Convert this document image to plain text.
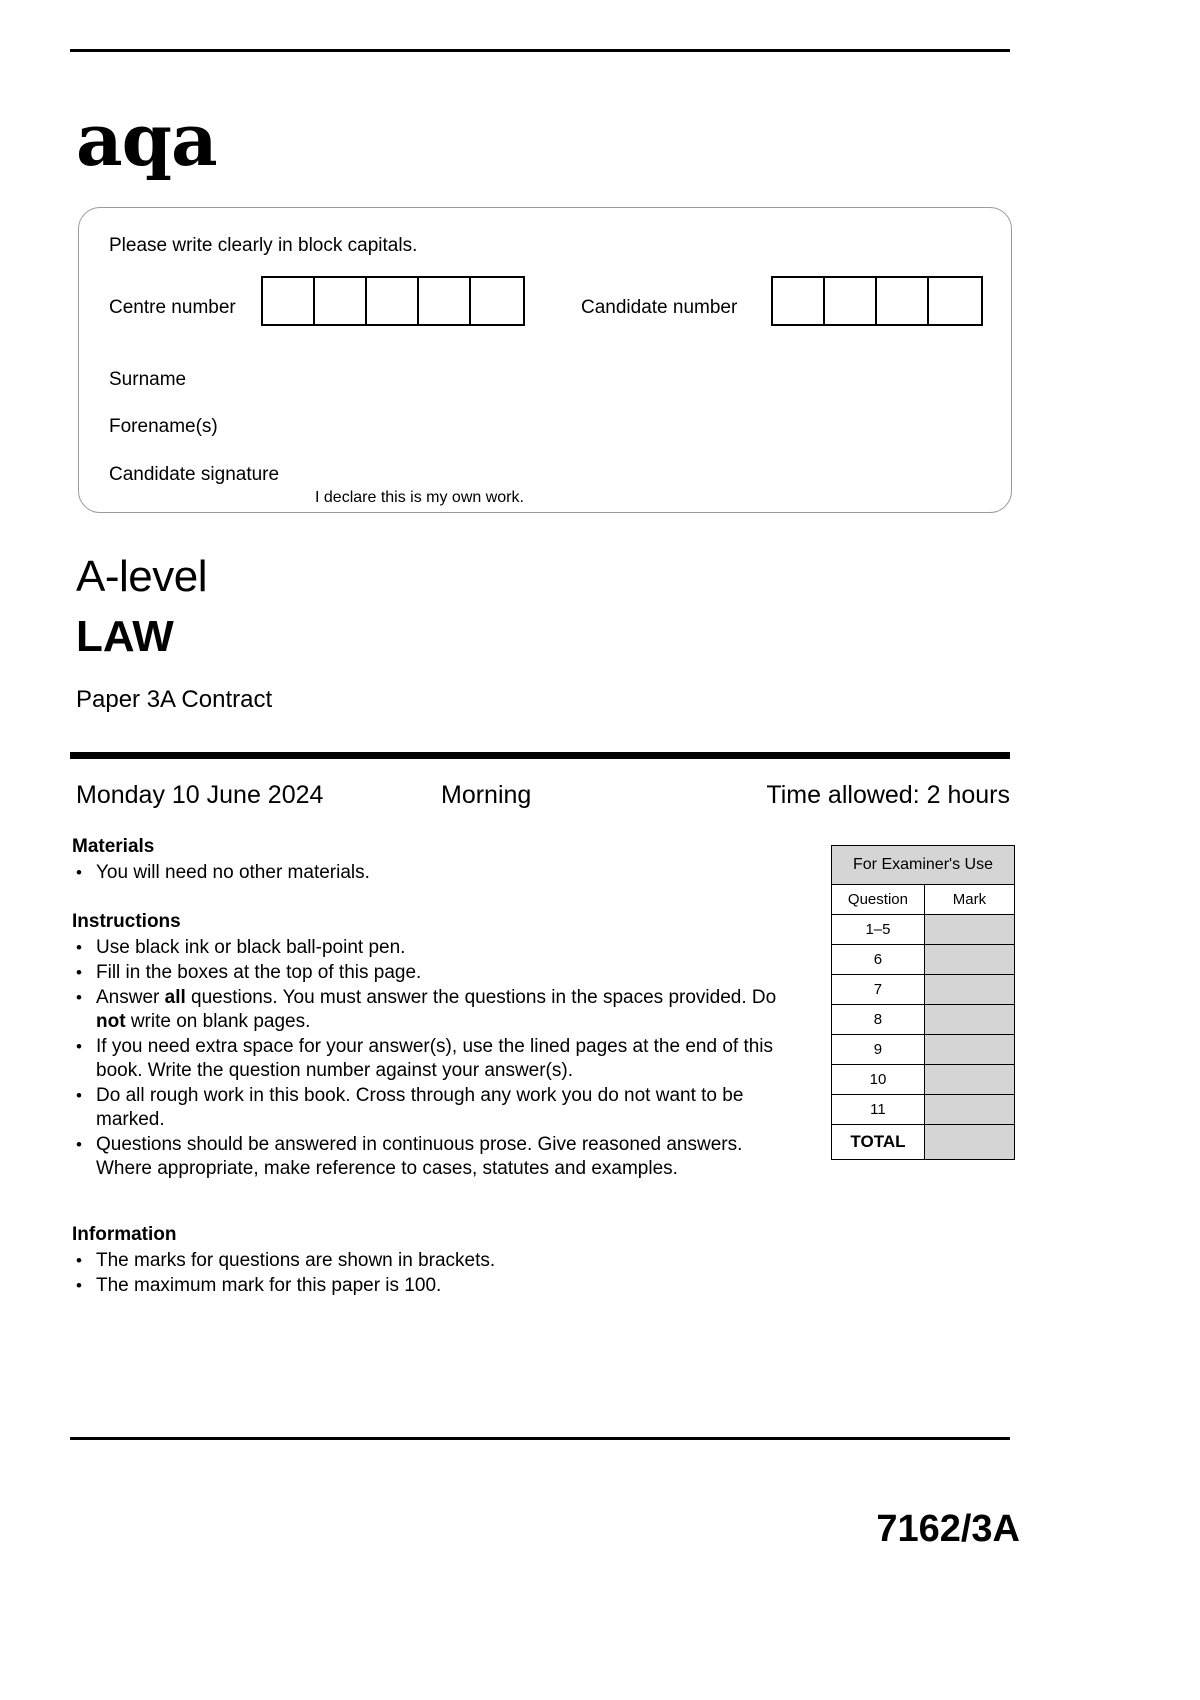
aqa
Please write clearly in block capitals.
Centre number	Candidate number
Surname
Forename(s)
Candidate signature
I declare this is my own work.
A-level
LAW
Paper 3A Contract
Monday 10 June 2024	Morning	Time allowed: 2 hours
Materials
• You will need no other materials.
Instructions
• Use black ink or black ball-point pen.
• Fill in the boxes at the top of this page.
• Answer all questions. You must answer the questions in the spaces provided. Do not write on blank pages.
• If you need extra space for your answer(s), use the lined pages at the end of this book. Write the question number against your answer(s).
• Do all rough work in this book. Cross through any work you do not want to be marked.
• Questions should be answered in continuous prose. Give reasoned answers. Where appropriate, make reference to cases, statutes and examples.
Information
• The marks for questions are shown in brackets.
• The maximum mark for this paper is 100.
For Examiner's Use	
Question	Mark
1–5	
6	
7	
8	
9	
10	
11	
TOTAL	
7162/3A
